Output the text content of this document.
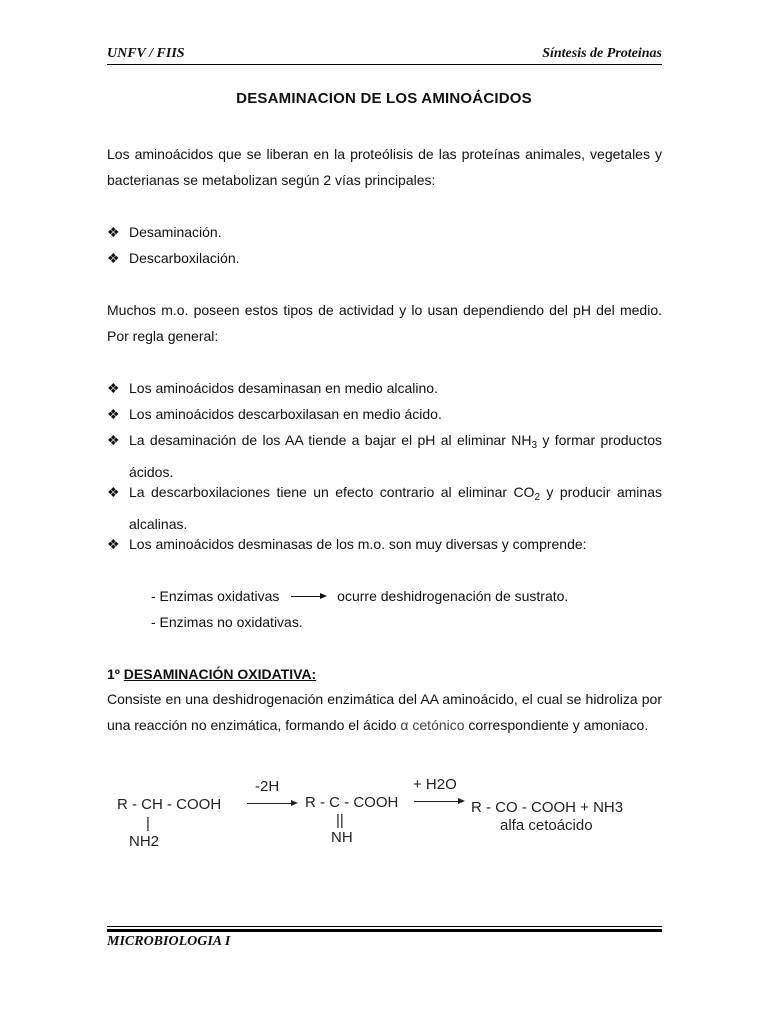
UNFV / FIIS	Síntesis de Proteinas
DESAMINACION DE LOS AMINOÁCIDOS
Los aminoácidos que se liberan en la proteólisis de las proteínas animales, vegetales y bacterianas se metabolizan según 2 vías principales:
❖ Desaminación.
❖ Descarboxilación.
Muchos m.o. poseen estos tipos de actividad y lo usan dependiendo del pH del medio. Por regla general:
❖ Los aminoácidos desaminasan en medio alcalino.
❖ Los aminoácidos descarboxilasan en medio ácido.
❖ La desaminación de los AA tiende a bajar el pH al eliminar $NH_3$ y formar productos ácidos.
❖ La descarboxilaciones tiene un efecto contrario al eliminar $CO_2$ y producir aminas alcalinas.
❖ Los aminoácidos desminasas de los m.o. son muy diversas y comprende:
- Enzimas oxidativas	ocurre deshidrogenación de sustrato.
- Enzimas no oxidativas.
1º DESAMINACIÓN OXIDATIVA:
Consiste en una deshidrogenación enzimática del AA aminoácido, el cual se hidroliza por una reacción no enzimática, formando el ácido α cetónico correspondiente y amoniaco.
R - CH - COOH
|
NH2
-2H
R - C - COOH
||
NH
+ H2O
R - CO - COOH + NH3
alfa cetoácido
MICROBIOLOGIA I
